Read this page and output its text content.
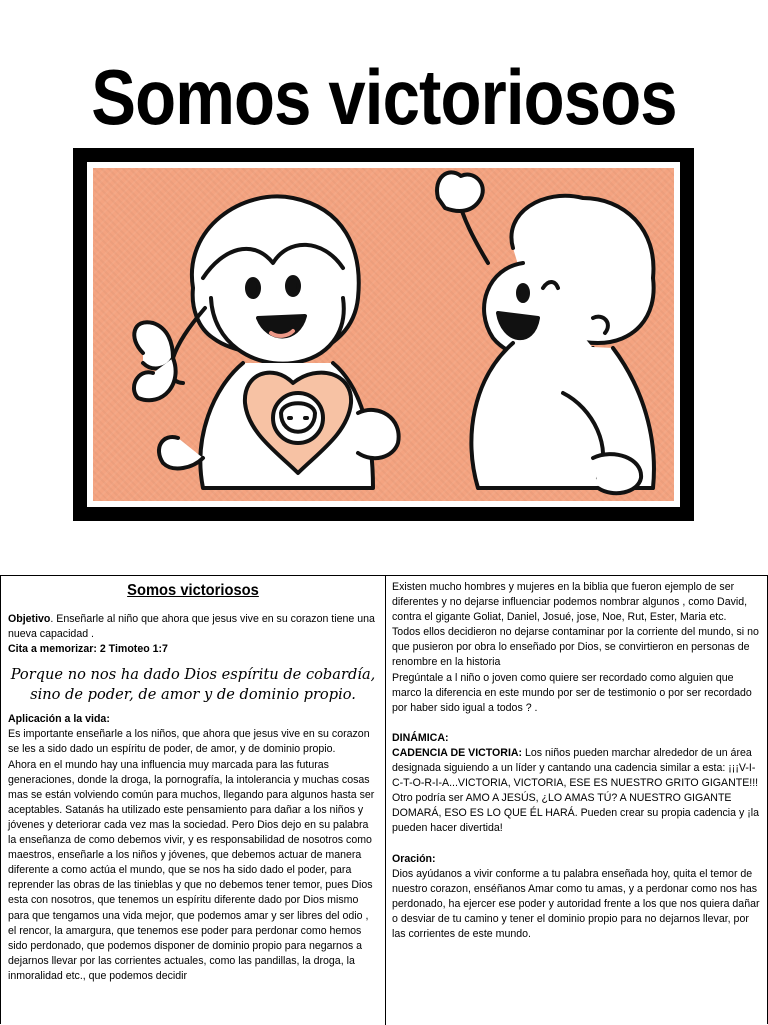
Somos victoriosos
Somos victoriosos

Objetivo. Enseñarle al niño que ahora que jesus vive en su corazon tiene una nueva capacidad .

Cita a memorizar: 2 Timoteo 1:7

Porque no nos ha dado Dios espíritu de cobardía, sino de poder, de amor y de dominio propio.

Aplicación a la vida:

Es importante enseñarle a los niños, que ahora que jesus vive en su corazon se les a sido dado un espíritu de poder, de amor, y de dominio propio.

Ahora en el mundo hay una influencia muy marcada para las futuras generaciones, donde la droga, la pornografía, la intolerancia y muchas cosas mas se están volviendo común para muchos, llegando para algunos hasta ser aceptables. Satanás ha utilizado este pensamiento para dañar a los niños y jóvenes y deteriorar cada vez mas la sociedad. Pero Dios dejo en su palabra la enseñanza de como debemos vivir, y es responsabilidad de nosotros como maestros, enseñarle a los niños y jóvenes, que debemos actuar de manera diferente a como actúa el mundo, que se nos ha sido dado el poder, para reprender las obras de las tinieblas y que no debemos tener temor, pues Dios esta con nosotros, que tenemos un espíritu diferente dado por Dios mismo para que tengamos una vida mejor, que podemos amar y ser libres del odio , el rencor, la amargura, que tenemos ese poder para perdonar como hemos sido perdonado, que podemos disponer de dominio propio para negarnos a dejarnos llevar por las corrientes actuales, como las pandillas, la droga, la inmoralidad etc., que podemos decidir

Existen mucho hombres y mujeres en la biblia que fueron ejemplo de ser diferentes y no dejarse influenciar podemos nombrar algunos , como David, contra el gigante Goliat, Daniel, Josué, jose, Noe, Rut, Ester, Maria etc.

Todos ellos decidieron no dejarse contaminar por la corriente del mundo, si no que pusieron por obra lo enseñado por Dios, se convirtieron en personas de renombre en la historia

Pregúntale a l niño o joven como quiere ser recordado como alguien que marco la diferencia en este mundo por ser de testimonio o por ser recordado por haber sido igual a todos ? .

DINÁMICA:

CADENCIA DE VICTORIA: Los niños pueden marchar alrededor de un área designada siguiendo a un líder y cantando una cadencia similar a esta: ¡¡¡V-I-C-T-O-R-I-A...VICTORIA, VICTORIA, ESE ES NUESTRO GRITO GIGANTE!!! Otro podría ser AMO A JESÚS, ¿LO AMAS TÚ? A NUESTRO GIGANTE DOMARÁ, ESO ES LO QUE ÉL HARÁ. Pueden crear su propia cadencia y ¡la pueden hacer divertida!

Oración:

Dios ayúdanos a vivir conforme a tu palabra enseñada hoy, quita el temor de nuestro corazon, enséñanos Amar como tu amas, y a perdonar como nos has perdonado, ha ejercer ese poder y autoridad frente a los que nos quiera dañar o desviar de tu camino y tener el dominio propio para no dejarnos llevar, por las corrientes de este mundo.
